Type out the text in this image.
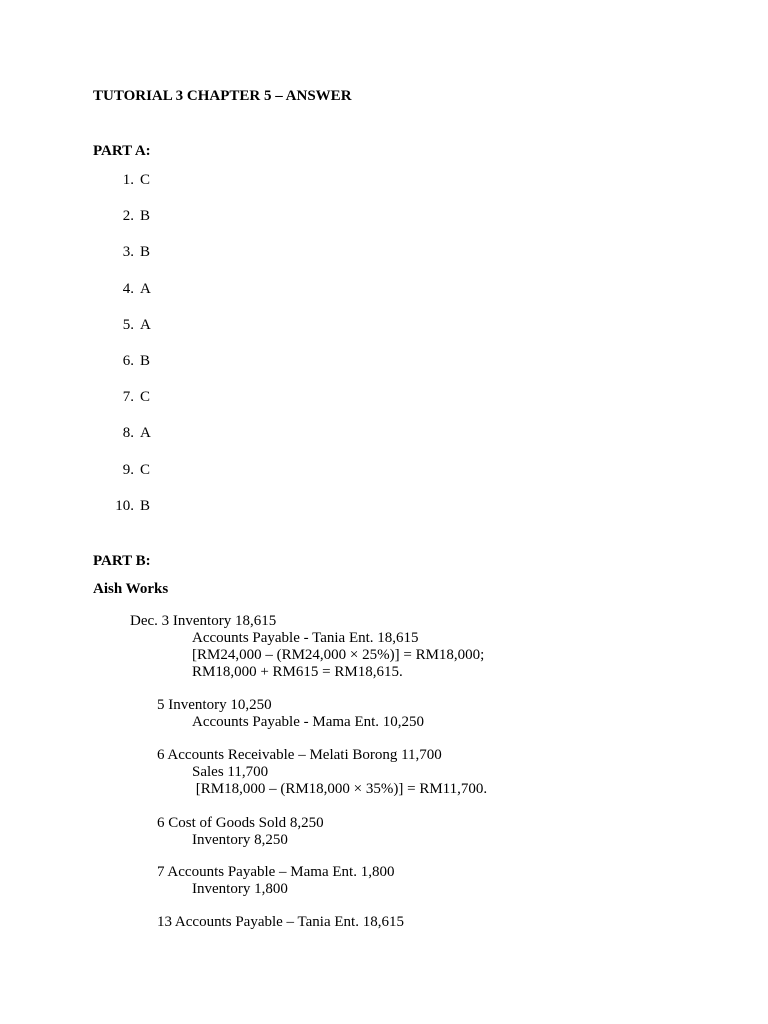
TUTORIAL 3 CHAPTER 5 – ANSWER
PART A:
1. C
2. B
3. B
4. A
5. A
6. B
7. C
8. A
9. C
10. B
PART B:
Aish Works
Dec. 3 Inventory 18,615
Accounts Payable - Tania Ent. 18,615
[RM24,000 – (RM24,000 × 25%)] = RM18,000;
RM18,000 + RM615 = RM18,615.
5 Inventory 10,250
Accounts Payable - Mama Ent. 10,250
6 Accounts Receivable – Melati Borong 11,700
Sales 11,700
[RM18,000 – (RM18,000 × 35%)] = RM11,700.
6 Cost of Goods Sold 8,250
Inventory 8,250
7 Accounts Payable – Mama Ent. 1,800
Inventory 1,800
13 Accounts Payable – Tania Ent. 18,615
